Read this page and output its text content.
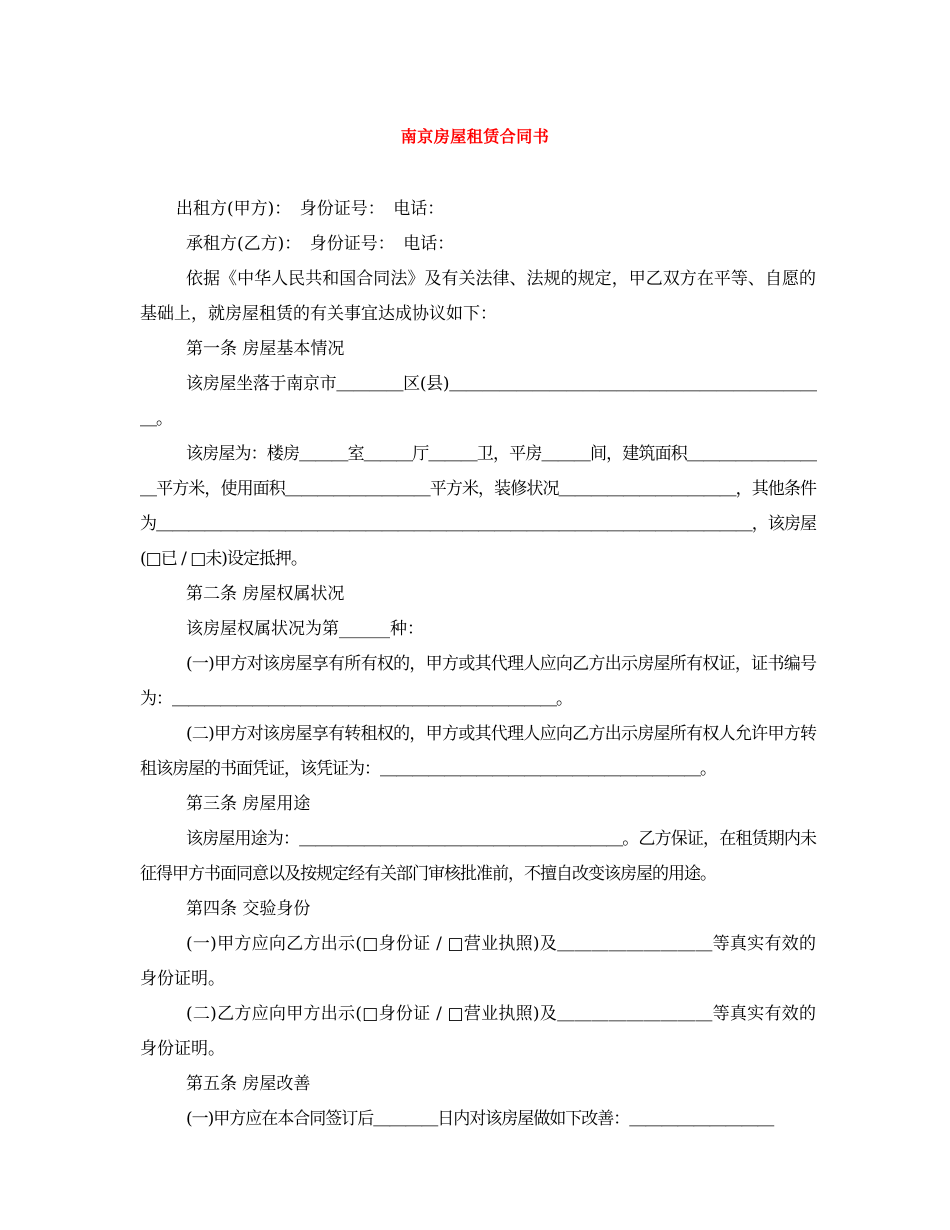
南京房屋租赁合同书

出租方(甲方)：　身份证号：　电话：

承租方(乙方)：　身份证号：　电话：

依据《中华人民共和国合同法》及有关法律、法规的规定，甲乙双方在平等、自愿的基础上，就房屋租赁的有关事宜达成协议如下：

第一条 房屋基本情况

该房屋坐落于南京市＿＿＿＿区(县)＿＿＿＿＿＿＿＿＿＿＿＿＿＿＿＿＿＿＿＿＿＿＿。

该房屋为：楼房＿＿＿室＿＿＿厅＿＿＿卫，平房＿＿＿间，建筑面积＿＿＿＿＿＿＿＿＿平方米，使用面积＿＿＿＿＿＿＿＿＿平方米，装修状况＿＿＿＿＿＿＿＿＿＿＿，其他条件为＿＿＿＿＿＿＿＿＿＿＿＿＿＿＿＿＿＿＿＿＿＿＿＿＿＿＿＿＿＿＿＿＿＿＿＿＿，该房屋(□已 / □未)设定抵押。

第二条 房屋权属状况

该房屋权属状况为第______种：

(一)甲方对该房屋享有所有权的，甲方或其代理人应向乙方出示房屋所有权证，证书编号为：＿＿＿＿＿＿＿＿＿＿＿＿＿＿＿＿＿＿＿＿＿＿＿＿。

(二)甲方对该房屋享有转租权的，甲方或其代理人应向乙方出示房屋所有权人允许甲方转租该房屋的书面凭证，该凭证为：＿＿＿＿＿＿＿＿＿＿＿＿＿＿＿＿＿＿＿＿。

第三条 房屋用途

该房屋用途为：＿＿＿＿＿＿＿＿＿＿＿＿＿＿＿＿＿＿＿＿。乙方保证，在租赁期内未征得甲方书面同意以及按规定经有关部门审核批准前，不擅自改变该房屋的用途。

第四条 交验身份

(一)甲方应向乙方出示(□身份证 / □营业执照)及＿＿＿＿＿＿＿＿＿等真实有效的身份证明。

(二)乙方应向甲方出示(□身份证 / □营业执照)及＿＿＿＿＿＿＿＿＿等真实有效的身份证明。

第五条 房屋改善

(一)甲方应在本合同签订后＿＿＿＿日内对该房屋做如下改善：＿＿＿＿＿＿＿＿＿
